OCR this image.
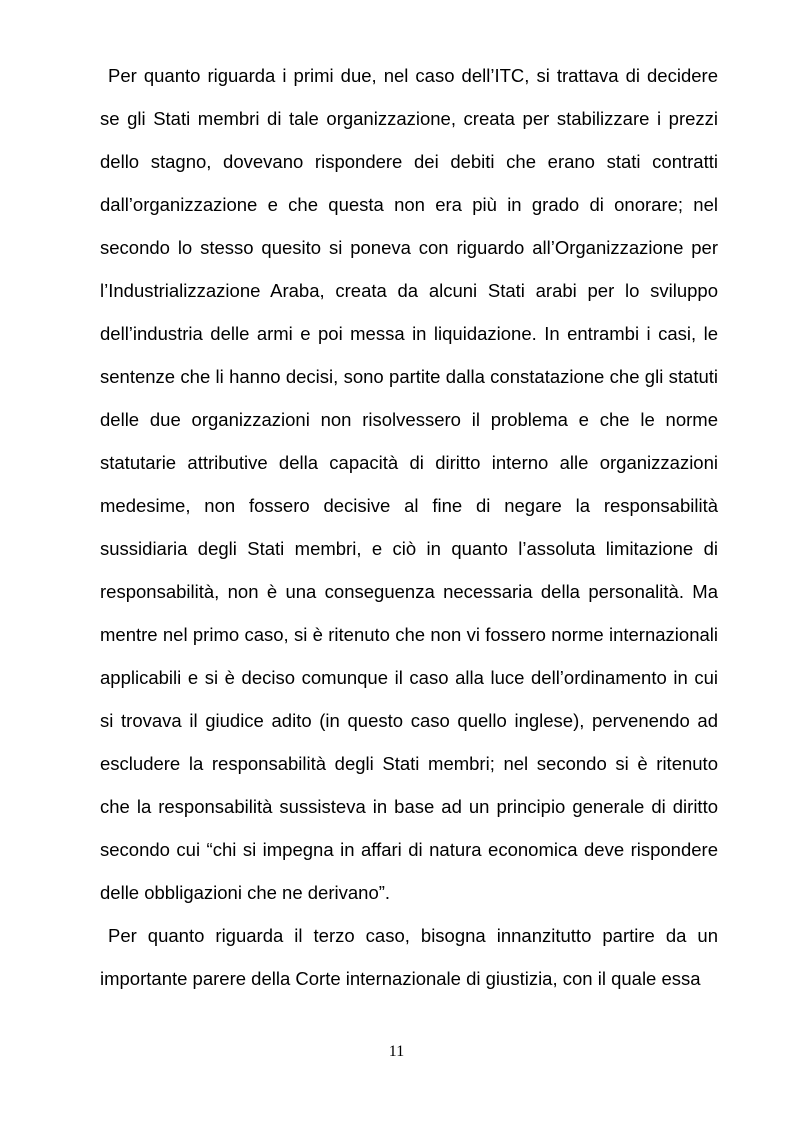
Per quanto riguarda i primi due, nel caso dell’ITC, si trattava di decidere se gli Stati membri di tale organizzazione, creata per stabilizzare i prezzi dello stagno, dovevano rispondere dei debiti che erano stati contratti dall’organizzazione e che questa non era più in grado di onorare; nel secondo lo stesso quesito si poneva con riguardo all’Organizzazione per l’Industrializzazione Araba, creata da alcuni Stati arabi per lo sviluppo dell’industria delle armi e poi messa in liquidazione. In entrambi i casi, le sentenze che li hanno decisi, sono partite dalla constatazione che gli statuti delle due organizzazioni non risolvessero il problema e che le norme statutarie attributive della capacità di diritto interno alle organizzazioni medesime, non fossero decisive al fine di negare la responsabilità sussidiaria degli Stati membri, e ciò in quanto l’assoluta limitazione di responsabilità, non è una conseguenza necessaria della personalità. Ma mentre nel primo caso, si è ritenuto che non vi fossero norme internazionali applicabili e si è deciso comunque il caso alla luce dell’ordinamento in cui si trovava il giudice adito (in questo caso quello inglese), pervenendo ad escludere la responsabilità degli Stati membri; nel secondo si è ritenuto che la responsabilità sussisteva in base ad un principio generale di diritto secondo cui “chi si impegna in affari di natura economica deve rispondere delle obbligazioni che ne derivano”.

Per quanto riguarda il terzo caso, bisogna innanzitutto partire da un importante parere della Corte internazionale di giustizia, con il quale essa

11
